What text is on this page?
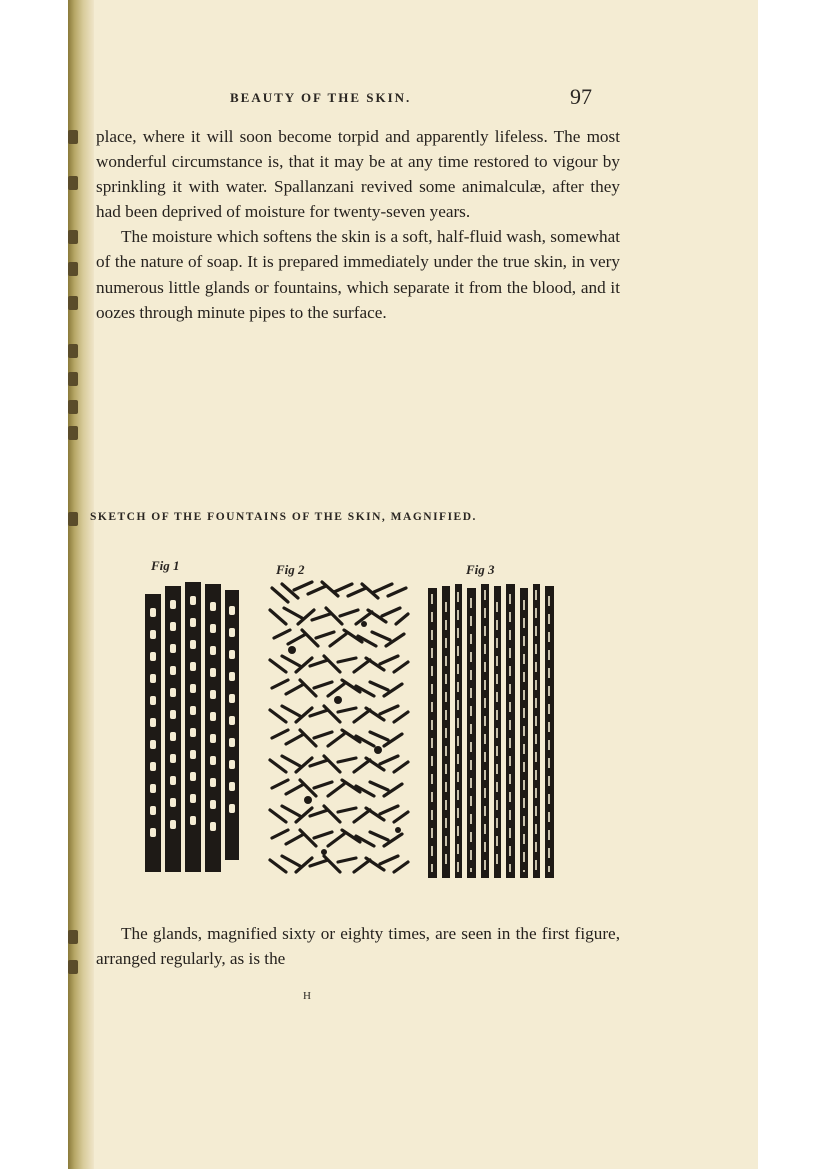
BEAUTY OF THE SKIN.	97

place, where it will soon become torpid and apparently lifeless. The most wonderful circumstance is, that it may be at any time restored to vigour by sprinkling it with water. Spallanzani revived some animalculæ, after they had been deprived of moisture for twenty-seven years.

The moisture which softens the skin is a soft, half-fluid wash, somewhat of the nature of soap. It is prepared immediately under the true skin, in very numerous little glands or fountains, which separate it from the blood, and it oozes through minute pipes to the surface.

SKETCH OF THE FOUNTAINS OF THE SKIN, MAGNIFIED.
Fig 1	Fig 2	Fig 3

The glands, magnified sixty or eighty times, are seen in the first figure, arranged regularly, as is the

H
